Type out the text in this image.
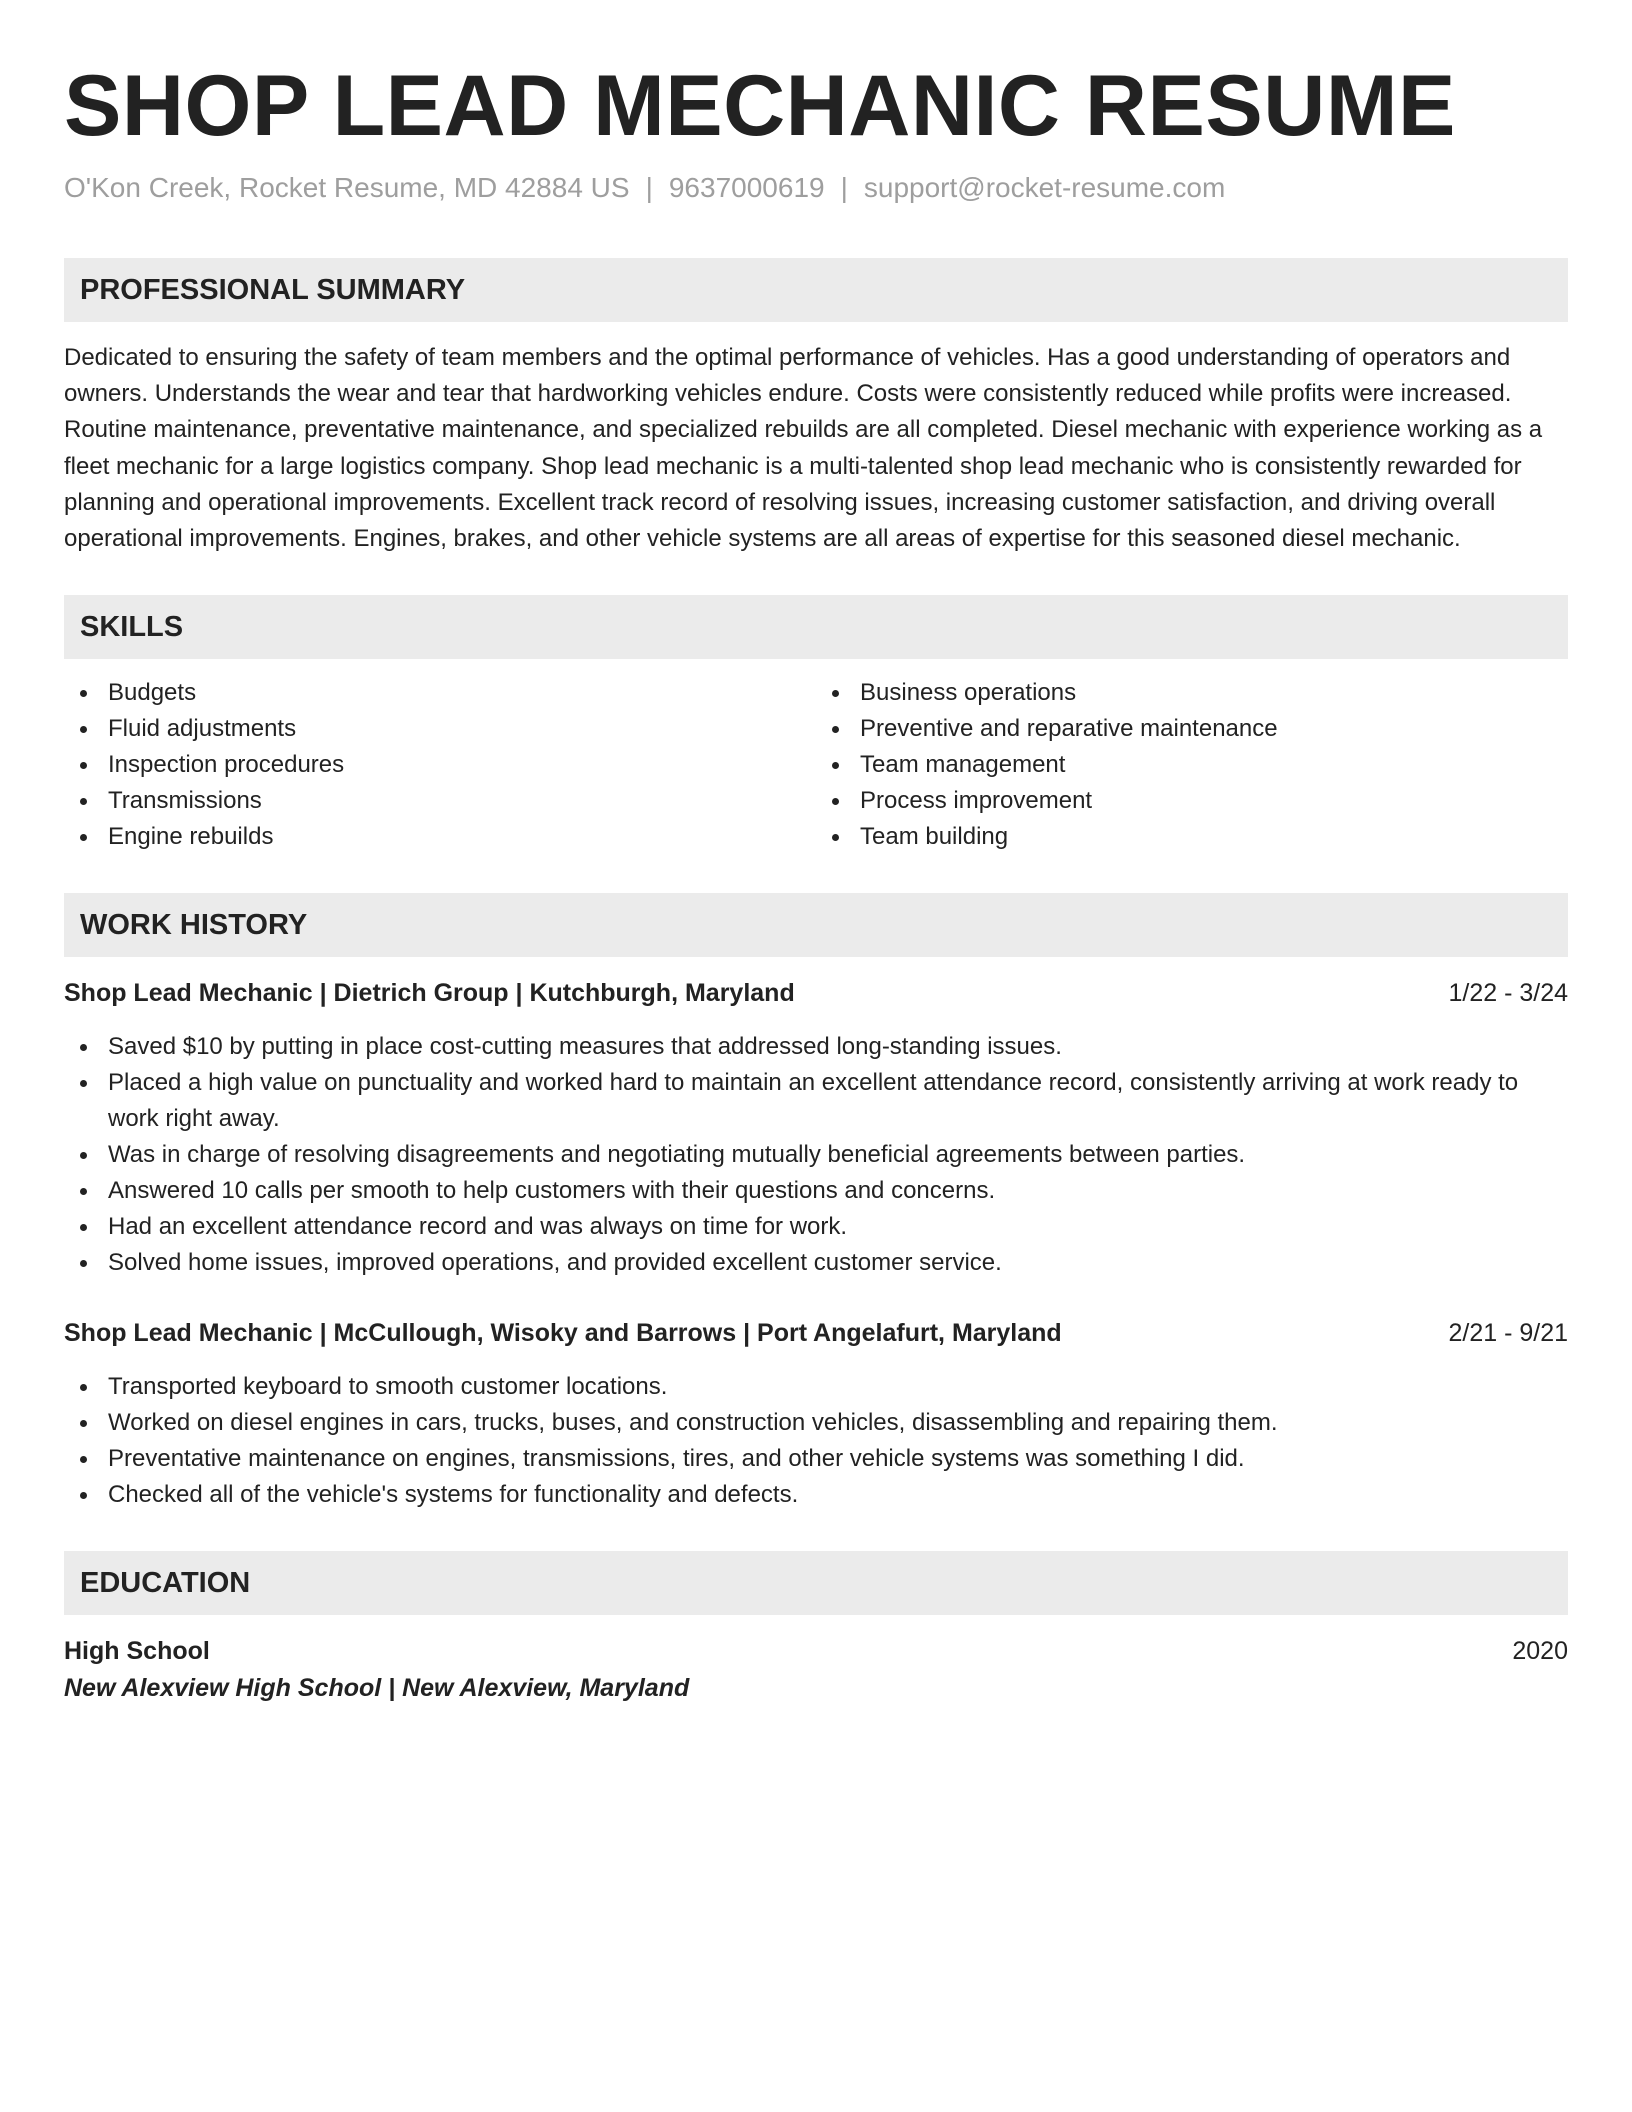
SHOP LEAD MECHANIC RESUME
O'Kon Creek, Rocket Resume, MD 42884 US | 9637000619 | support@rocket-resume.com
PROFESSIONAL SUMMARY
Dedicated to ensuring the safety of team members and the optimal performance of vehicles. Has a good understanding of operators and owners. Understands the wear and tear that hardworking vehicles endure. Costs were consistently reduced while profits were increased. Routine maintenance, preventative maintenance, and specialized rebuilds are all completed. Diesel mechanic with experience working as a fleet mechanic for a large logistics company. Shop lead mechanic is a multi-talented shop lead mechanic who is consistently rewarded for planning and operational improvements. Excellent track record of resolving issues, increasing customer satisfaction, and driving overall operational improvements. Engines, brakes, and other vehicle systems are all areas of expertise for this seasoned diesel mechanic.
SKILLS
Budgets
Fluid adjustments
Inspection procedures
Transmissions
Engine rebuilds
Business operations
Preventive and reparative maintenance
Team management
Process improvement
Team building
WORK HISTORY
Shop Lead Mechanic | Dietrich Group | Kutchburgh, Maryland	1/22 - 3/24
Saved $10 by putting in place cost-cutting measures that addressed long-standing issues.
Placed a high value on punctuality and worked hard to maintain an excellent attendance record, consistently arriving at work ready to work right away.
Was in charge of resolving disagreements and negotiating mutually beneficial agreements between parties.
Answered 10 calls per smooth to help customers with their questions and concerns.
Had an excellent attendance record and was always on time for work.
Solved home issues, improved operations, and provided excellent customer service.
Shop Lead Mechanic | McCullough, Wisoky and Barrows | Port Angelafurt, Maryland	2/21 - 9/21
Transported keyboard to smooth customer locations.
Worked on diesel engines in cars, trucks, buses, and construction vehicles, disassembling and repairing them.
Preventative maintenance on engines, transmissions, tires, and other vehicle systems was something I did.
Checked all of the vehicle's systems for functionality and defects.
EDUCATION
High School	2020
New Alexview High School | New Alexview, Maryland
